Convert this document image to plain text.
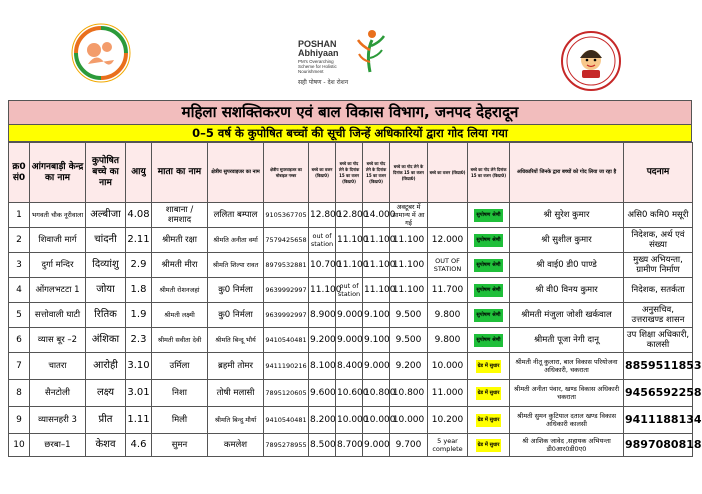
POSHAN
Abhiyaan
PM's Overarching
Scheme for Holistic
Nourishment
सही पोषण - देश रोशन
महिला सशक्तिकरण एवं बाल विकास विभाग, जनपद देहरादून
0–5 वर्ष के कुपोषित बच्चों की सूची जिन्हें अधिकारियों द्वारा गोद लिया गया
क्र0 सं0	आंगनबाड़ी केन्द्र का नाम	कुपोषित बच्चे का नाम	आयु	माता का नाम	क्षेत्रीय सुपरवाइजर का नाम	क्षेत्रीय सुपरवाइजर का मोबाइल नम्बर	बच्चे का वजन (किग्रा0)	बच्चे का गोद लेने के दिनांक 15 का वजन (किग्रा0)	बच्चे का गोद लेने के दिनांक 15 का वजन (किग्रा0)	बच्चे का गोद लेने के दिनांक 15 का वजन (किग्रा0)	बच्चे का वजन (किग्रा0)	बच्चे का गोद लेने दिनांक 15 का वजन (किग्रा0)	अधिकारियों जिनके द्वारा बच्चों को गोद लिया जा रहा है	पदनाम
1	भगवती चौक नूरीवाला	अल्बीजा	4.08	शाबाना / शमशाद	ललिता बम्पाल	9105367705	12.800	12.800	14.000	अक्टूबर में सामान्य में आ गई		सुपोषण श्रेणी	श्री सुरेश कुमार	असि0 कमि0 मसूरी
2	शिवाजी मार्ग	चांदनी	2.11	श्रीमती रक्षा	श्रीमति अनीता वर्मा	7579425658	out of station	11.100	11.100	11.100	12.000	सुपोषण श्रेणी	श्री सुशील कुमार	निदेशक, अर्थ एवं संख्या
3	दुर्गा मन्दिर	दिव्यांशु	2.9	श्रीमती मीरा	श्रीमति शिल्पा रावत	8979532881	10.700	11.100	11.100	11.100	OUT OF STATION	सुपोषण श्रेणी	श्री वाई0 डी0 पाण्डे	मुख्य अभियन्ता, ग्रामीण निर्माण
4	ओंगलभटटा 1	जोया	1.8	श्रीमती रोशनजहां	कु0 निर्मला	9639992997	11.100	out of station	11.100	11.100	11.700	सुपोषण श्रेणी	श्री वी0 विनय कुमार	निदेशक, सतर्कता
5	सत्तोवाली घाटी	रितिक	1.9	श्रीमती लक्ष्मी	कु0 निर्मला	9639992997	8.900	9.000	9.100	9.500	9.800	सुपोषण श्रेणी	श्रीमती मंजुला जोशी खर्कवाल	अनुसचिव, उत्तराखण्ड शासन
6	व्यास बूर –2	अंशिका	2.3	श्रीमती सवीता देवी	श्रीमति बिन्दू भौर्य	9410540481	9.200	9.000	9.100	9.500	9.800	सुपोषण श्रेणी	श्रीमती पूजा नेगी दानू	उप शिक्षा अधिकारी, कालसी
7	चातरा	आरोही	3.10	उर्मिला	ब्रहमी तोमर	9411190216	8.100	8.400	9.000	9.200	10.000	ग्रेड में सुधार	श्रीमती नीतू कुलारा, बाल विकास परियोजना अधिकारी, चकराता	8859511853
8	सैनटोली	लक्ष्य	3.01	निशा	तोषी मलासी	7895120605	9.600	10.600	10.800	10.800	11.000	ग्रेड में सुधार	श्रीमती अनीता पंवार, खण्ड विकास अधिकारी चकराता	9456592258
9	व्यासनहरी 3	प्रीत	1.11	मिली	श्रीमति बिन्दु मौर्या	9410540481	8.200	10.000	10.000	10.000	10.200	ग्रेड में सुधार	श्रीमती सुमन कुटियाल दताल खण्ड विकास अधिकारी कालसी	9411188134
10	छरबा–1	केशव	4.6	सुमन	कमलेश	7895278955	8.500	8.700	9.000	9.700	5 year complete	ग्रेड में सुधार	श्री आशिक जावेद ,सहायक अभियन्ता डी0आर0डी0ए0	9897080818
